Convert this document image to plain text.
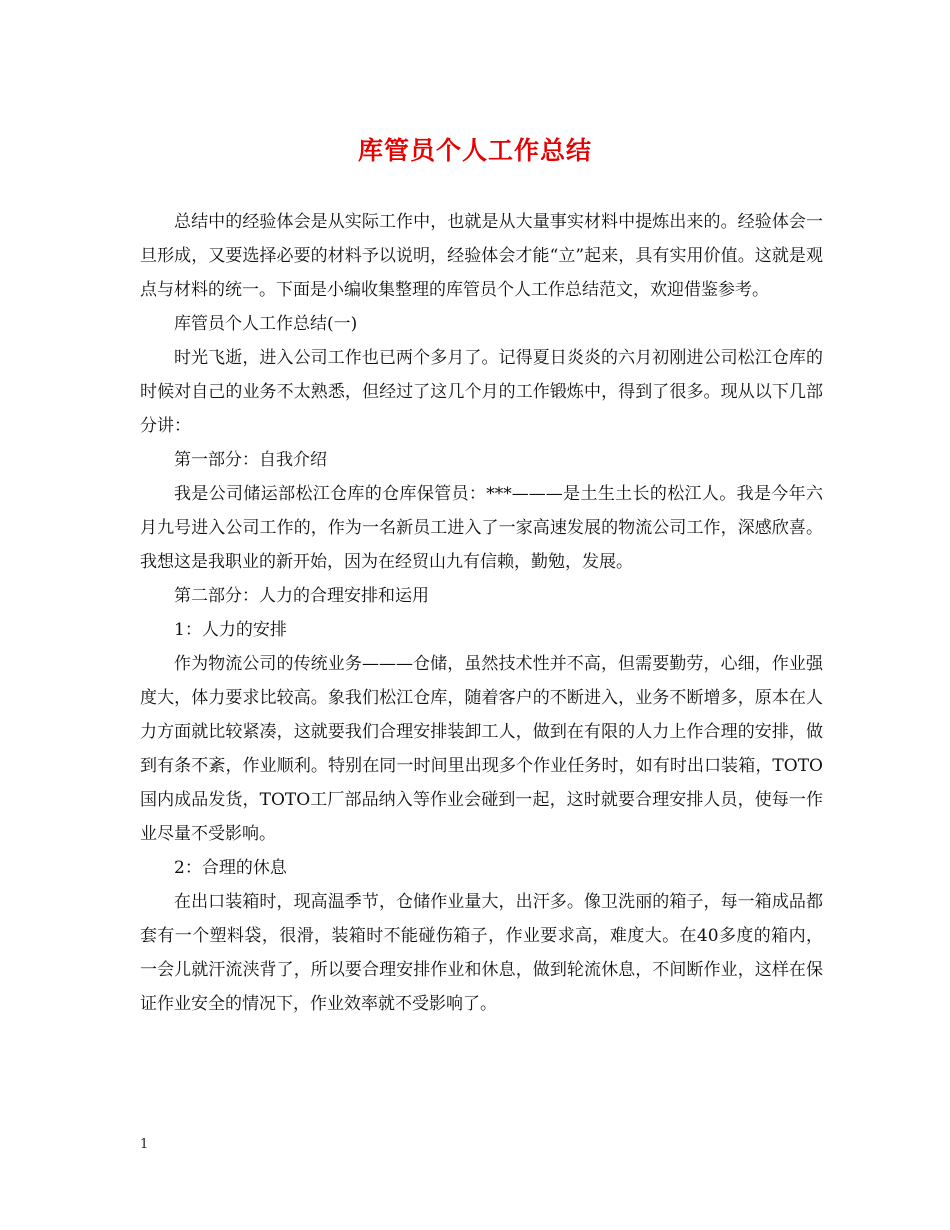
库管员个人工作总结

总结中的经验体会是从实际工作中，也就是从大量事实材料中提炼出来的。经验体会一旦形成，又要选择必要的材料予以说明，经验体会才能“立”起来，具有实用价值。这就是观点与材料的统一。下面是小编收集整理的库管员个人工作总结范文，欢迎借鉴参考。

库管员个人工作总结(一)

时光飞逝，进入公司工作也已两个多月了。记得夏日炎炎的六月初刚进公司松江仓库的时候对自己的业务不太熟悉，但经过了这几个月的工作锻炼中，得到了很多。现从以下几部分讲：

第一部分：自我介绍

我是公司储运部松江仓库的仓库保管员：***———是土生土长的松江人。我是今年六月九号进入公司工作的，作为一名新员工进入了一家高速发展的物流公司工作，深感欣喜。我想这是我职业的新开始，因为在经贸山九有信赖，勤勉，发展。

第二部分：人力的合理安排和运用

1：人力的安排

作为物流公司的传统业务———仓储，虽然技术性并不高，但需要勤劳，心细，作业强度大，体力要求比较高。象我们松江仓库，随着客户的不断进入，业务不断增多，原本在人力方面就比较紧凑，这就要我们合理安排装卸工人，做到在有限的人力上作合理的安排，做到有条不紊，作业顺利。特别在同一时间里出现多个作业任务时，如有时出口装箱，TOTO国内成品发货，TOTO工厂部品纳入等作业会碰到一起，这时就要合理安排人员，使每一作业尽量不受影响。

2：合理的休息

在出口装箱时，现高温季节，仓储作业量大，出汗多。像卫洗丽的箱子，每一箱成品都套有一个塑料袋，很滑，装箱时不能碰伤箱子，作业要求高，难度大。在40多度的箱内，一会儿就汗流浃背了，所以要合理安排作业和休息，做到轮流休息，不间断作业，这样在保证作业安全的情况下，作业效率就不受影响了。

1
